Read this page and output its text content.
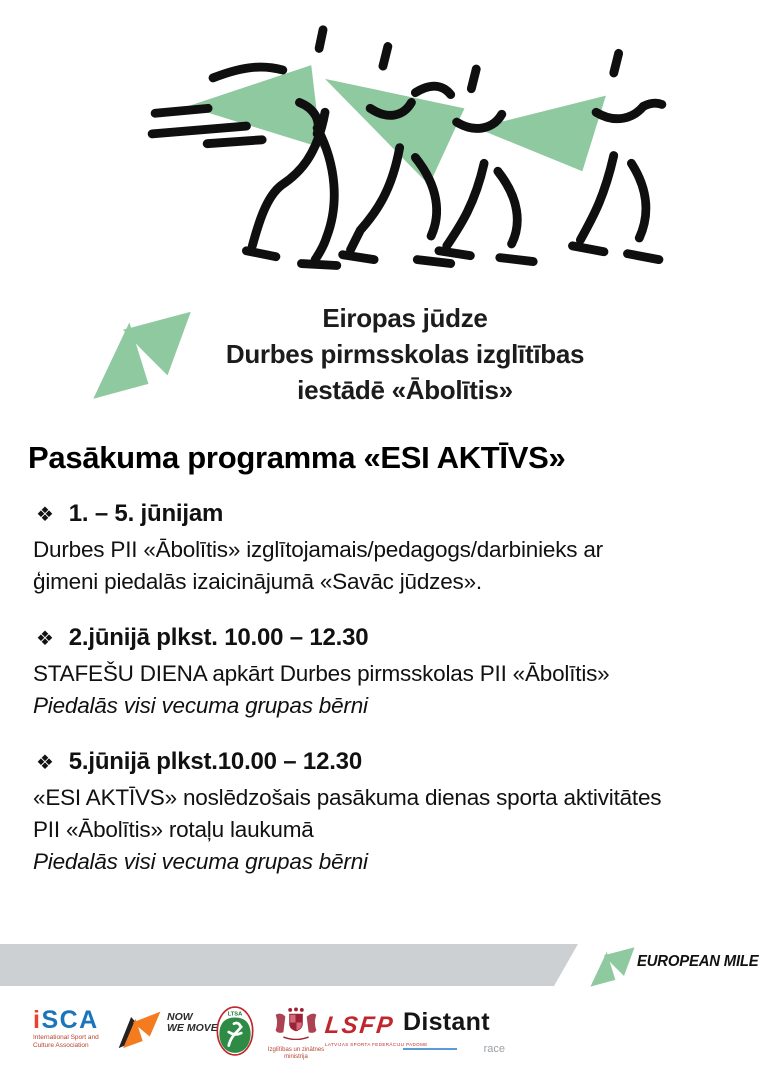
Eiropas jūdze
Durbes pirmsskolas izglītības
iestādē «Ābolītis»
Pasākuma programma «ESI AKTĪVS»
❖ 1. – 5. jūnijam
Durbes PII «Ābolītis» izglītojamais/pedagogs/darbinieks ar
ģimeni piedalās izaicinājumā «Savāc jūdzes».
❖ 2.jūnijā plkst. 10.00 – 12.30
STAFEŠU DIENA apkārt Durbes pirmsskolas PII «Ābolītis»
Piedalās visi vecuma grupas bērni
❖ 5.jūnijā plkst.10.00 – 12.30
«ESI AKTĪVS» noslēdzošais pasākuma dienas sporta aktivitātes
PII «Ābolītis» rotaļu laukumā
Piedalās visi vecuma grupas bērni
EUROPEAN MILE
iSCA
International Sport and
Culture Association
NOW
WE MOVE
LTSA
Izglītības un zinātnes
ministrija
LSFP
LATVIJAS SPORTA FEDERĀCIJU PADOME
Distant
race
